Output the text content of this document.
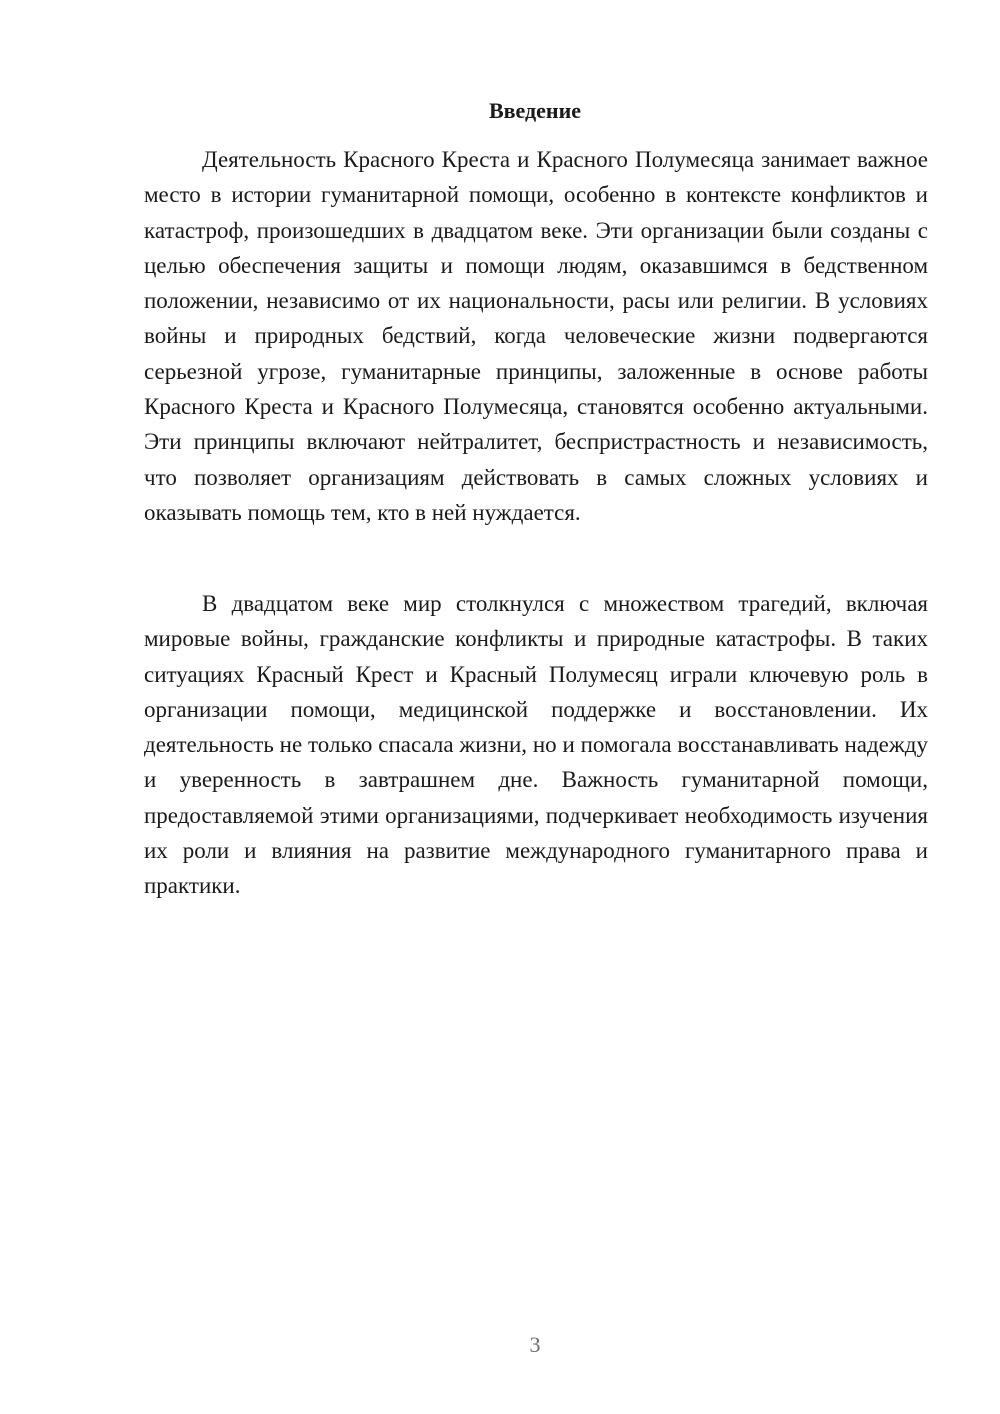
Введение

Деятельность Красного Креста и Красного Полумесяца занимает важное место в истории гуманитарной помощи, особенно в контексте конфликтов и катастроф, произошедших в двадцатом веке. Эти организации были созданы с целью обеспечения защиты и помощи людям, оказавшимся в бедственном положении, независимо от их национальности, расы или религии. В условиях войны и природных бедствий, когда человеческие жизни подвергаются серьезной угрозе, гуманитарные принципы, заложенные в основе работы Красного Креста и Красного Полумесяца, становятся особенно актуальными. Эти принципы включают нейтралитет, беспристрастность и независимость, что позволяет организациям действовать в самых сложных условиях и оказывать помощь тем, кто в ней нуждается.

В двадцатом веке мир столкнулся с множеством трагедий, включая мировые войны, гражданские конфликты и природные катастрофы. В таких ситуациях Красный Крест и Красный Полумесяц играли ключевую роль в организации помощи, медицинской поддержке и восстановлении. Их деятельность не только спасала жизни, но и помогала восстанавливать надежду и уверенность в завтрашнем дне. Важность гуманитарной помощи, предоставляемой этими организациями, подчеркивает необходимость изучения их роли и влияния на развитие международного гуманитарного права и практики.

3
